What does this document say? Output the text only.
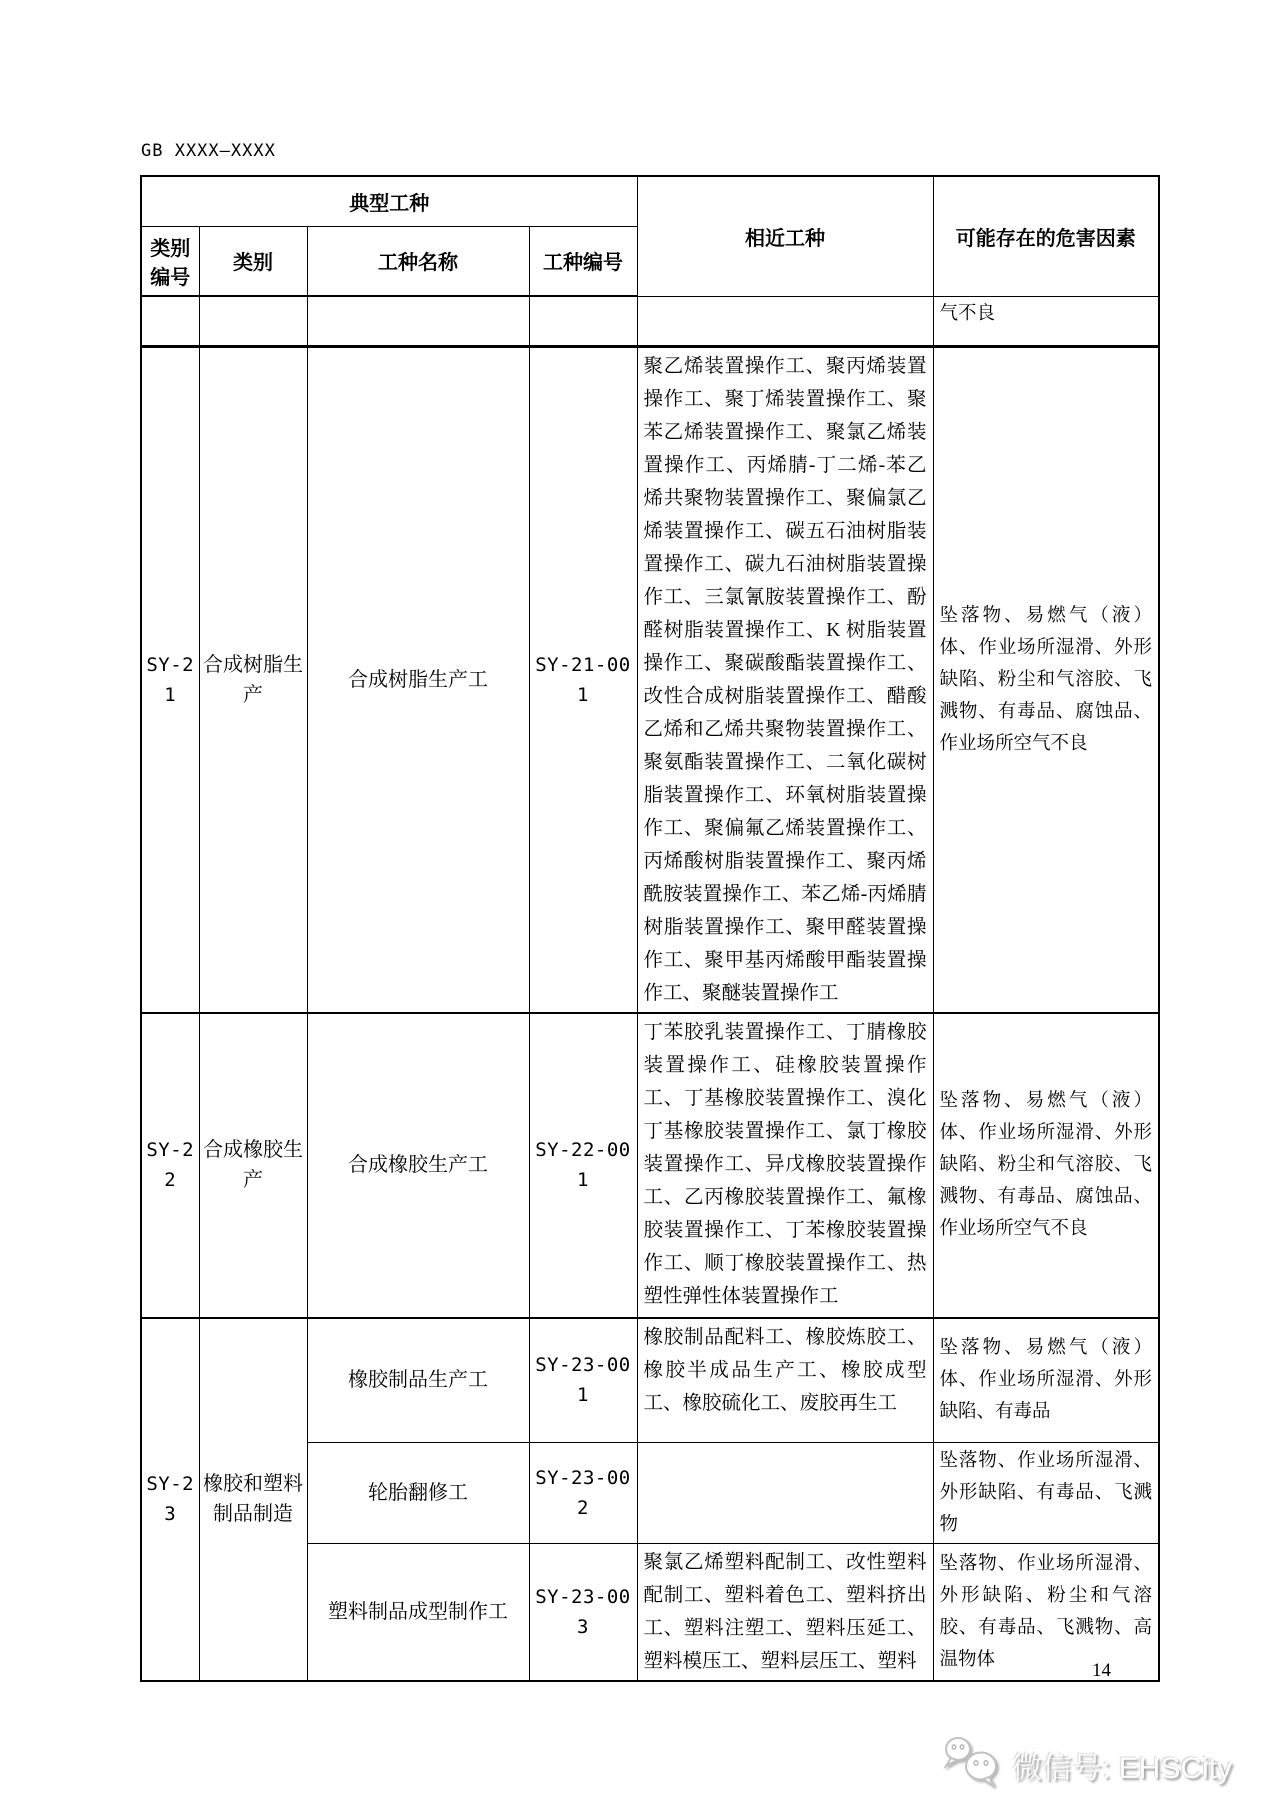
GB XXXX—XXXX
典型工种				相近工种	可能存在的危害因素
类别编号	类别	工种名称	工种编号		
					气不良
SY-21	合成树脂生产	合成树脂生产工	SY-21-001	聚乙烯装置操作工、聚丙烯装置操作工、聚丁烯装置操作工、聚苯乙烯装置操作工、聚氯乙烯装置操作工、丙烯腈-丁二烯-苯乙烯共聚物装置操作工、聚偏氯乙烯装置操作工、碳五石油树脂装置操作工、碳九石油树脂装置操作工、三氯氰胺装置操作工、酚醛树脂装置操作工、K 树脂装置操作工、聚碳酸酯装置操作工、改性合成树脂装置操作工、醋酸乙烯和乙烯共聚物装置操作工、聚氨酯装置操作工、二氧化碳树脂装置操作工、环氧树脂装置操作工、聚偏氟乙烯装置操作工、丙烯酸树脂装置操作工、聚丙烯酰胺装置操作工、苯乙烯-丙烯腈树脂装置操作工、聚甲醛装置操作工、聚甲基丙烯酸甲酯装置操作工、聚醚装置操作工	坠落物、易燃气（液）体、作业场所湿滑、外形缺陷、粉尘和气溶胶、飞溅物、有毒品、腐蚀品、作业场所空气不良
SY-22	合成橡胶生产	合成橡胶生产工	SY-22-001	丁苯胶乳装置操作工、丁腈橡胶装置操作工、硅橡胶装置操作工、丁基橡胶装置操作工、溴化丁基橡胶装置操作工、氯丁橡胶装置操作工、异戊橡胶装置操作工、乙丙橡胶装置操作工、氟橡胶装置操作工、丁苯橡胶装置操作工、顺丁橡胶装置操作工、热塑性弹性体装置操作工	坠落物、易燃气（液）体、作业场所湿滑、外形缺陷、粉尘和气溶胶、飞溅物、有毒品、腐蚀品、作业场所空气不良
SY-23	橡胶和塑料制品制造	橡胶制品生产工	SY-23-001	橡胶制品配料工、橡胶炼胶工、橡胶半成品生产工、橡胶成型工、橡胶硫化工、废胶再生工	坠落物、易燃气（液）体、作业场所湿滑、外形缺陷、有毒品
		轮胎翻修工	SY-23-002		坠落物、作业场所湿滑、外形缺陷、有毒品、飞溅物
		塑料制品成型制作工	SY-23-003	聚氯乙烯塑料配制工、改性塑料配制工、塑料着色工、塑料挤出工、塑料注塑工、塑料压延工、塑料模压工、塑料层压工、塑料	坠落物、作业场所湿滑、外形缺陷、粉尘和气溶胶、有毒品、飞溅物、高温物体	14
微信号: EHSCity
